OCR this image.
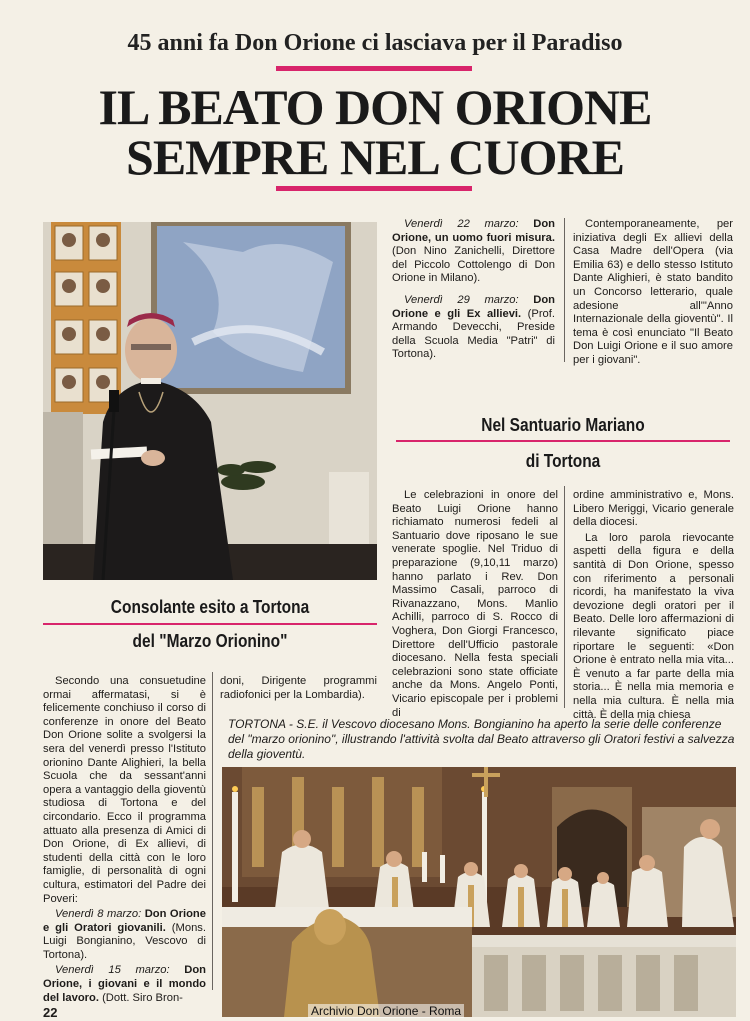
45 anni fa Don Orione ci lasciava per il Paradiso
IL BEATO DON ORIONE
SEMPRE NEL CUORE
Consolante esito a Tortona
del "Marzo Orionino"

Secondo una consuetudine ormai affermatasi, si è felicemente conchiuso il corso di conferenze in onore del Beato Don Orione solite a svolgersi la sera del venerdì presso l'Istituto orionino Dante Alighieri, la bella Scuola che da sessant'anni opera a vantaggio della gioventù studiosa di Tortona e del circondario. Ecco il programma attuato alla presenza di Amici di Don Orione, di Ex allievi, di studenti della città con le loro famiglie, di personalità di ogni cultura, estimatori del Padre dei Poveri:

Venerdì 8 marzo: Don Orione e gli Oratori giovanili. (Mons. Luigi Bongianino, Vescovo di Tortona).

Venerdì 15 marzo: Don Orione, i giovani e il mondo del lavoro. (Dott. Siro Bron-

doni, Dirigente programmi radiofonici per la Lombardia).

Venerdì 22 marzo: Don Orione, un uomo fuori misura. (Don Nino Zanichelli, Direttore del Piccolo Cottolengo di Don Orione in Milano).

Venerdì 29 marzo: Don Orione e gli Ex allievi. (Prof. Armando Devecchi, Preside della Scuola Media "Patri" di Tortona).

Contemporaneamente, per iniziativa degli Ex allievi della Casa Madre dell'Opera (via Emilia 63) e dello stesso Istituto Dante Alighieri, è stato bandito un Concorso letterario, quale adesione all'"Anno Internazionale della gioventù". Il tema è così enunciato "Il Beato Don Luigi Orione e il suo amore per i giovani".

Nel Santuario Mariano
di Tortona

Le celebrazioni in onore del Beato Luigi Orione hanno richiamato numerosi fedeli al Santuario dove riposano le sue venerate spoglie. Nel Triduo di preparazione (9,10,11 marzo) hanno parlato i Rev. Don Massimo Casali, parroco di Rivanazzano, Mons. Manlio Achilli, parroco di S. Rocco di Voghera, Don Giorgi Francesco, Direttore dell'Ufficio pastorale diocesano. Nella festa speciali celebrazioni sono state officiate anche da Mons. Angelo Ponti, Vicario episcopale per i problemi di

ordine amministrativo e, Mons. Libero Meriggi, Vicario generale della diocesi.

La loro parola rievocante aspetti della figura e della santità di Don Orione, spesso con riferimento a personali ricordi, ha manifestato la viva devozione degli oratori per il Beato. Delle loro affermazioni di rilevante significato piace riportare le seguenti: «Don Orione è entrato nella mia vita... È venuto a far parte della mia storia... È nella mia memoria e nella mia cultura. È nella mia città. È della mia chiesa

TORTONA - S.E. il Vescovo diocesano Mons. Bongianino ha aperto la serie delle conferenze del "marzo orionino", illustrando l'attività svolta dal Beato attraverso gli Oratori festivi a salvezza della gioventù.
22	Archivio Don Orione - Roma
